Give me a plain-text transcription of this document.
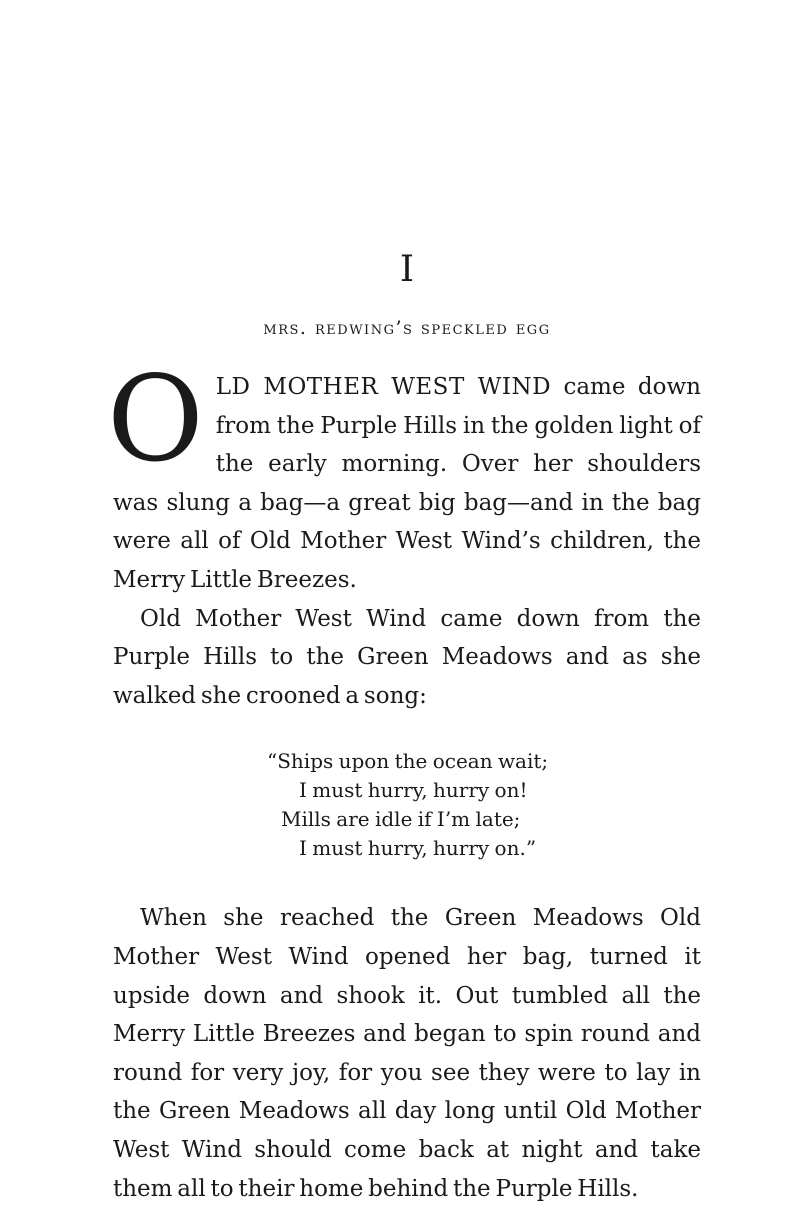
I
mrs. redwing’s speckled egg

OLD MOTHER WEST WIND came down from the Purple Hills in the golden light of the early morning. Over her shoulders was slung a bag—a great big bag—and in the bag were all of Old Mother West Wind’s children, the Merry Little Breezes.

Old Mother West Wind came down from the Purple Hills to the Green Meadows and as she walked she crooned a song:

“Ships upon the ocean wait;
I must hurry, hurry on!
Mills are idle if I’m late;
I must hurry, hurry on.”

When she reached the Green Meadows Old Mother West Wind opened her bag, turned it upside down and shook it. Out tumbled all the Merry Little Breezes and began to spin round and round for very joy, for you see they were to lay in the Green Meadows all day long until Old Mother West Wind should come back at night and take them all to their home behind the Purple Hills.
